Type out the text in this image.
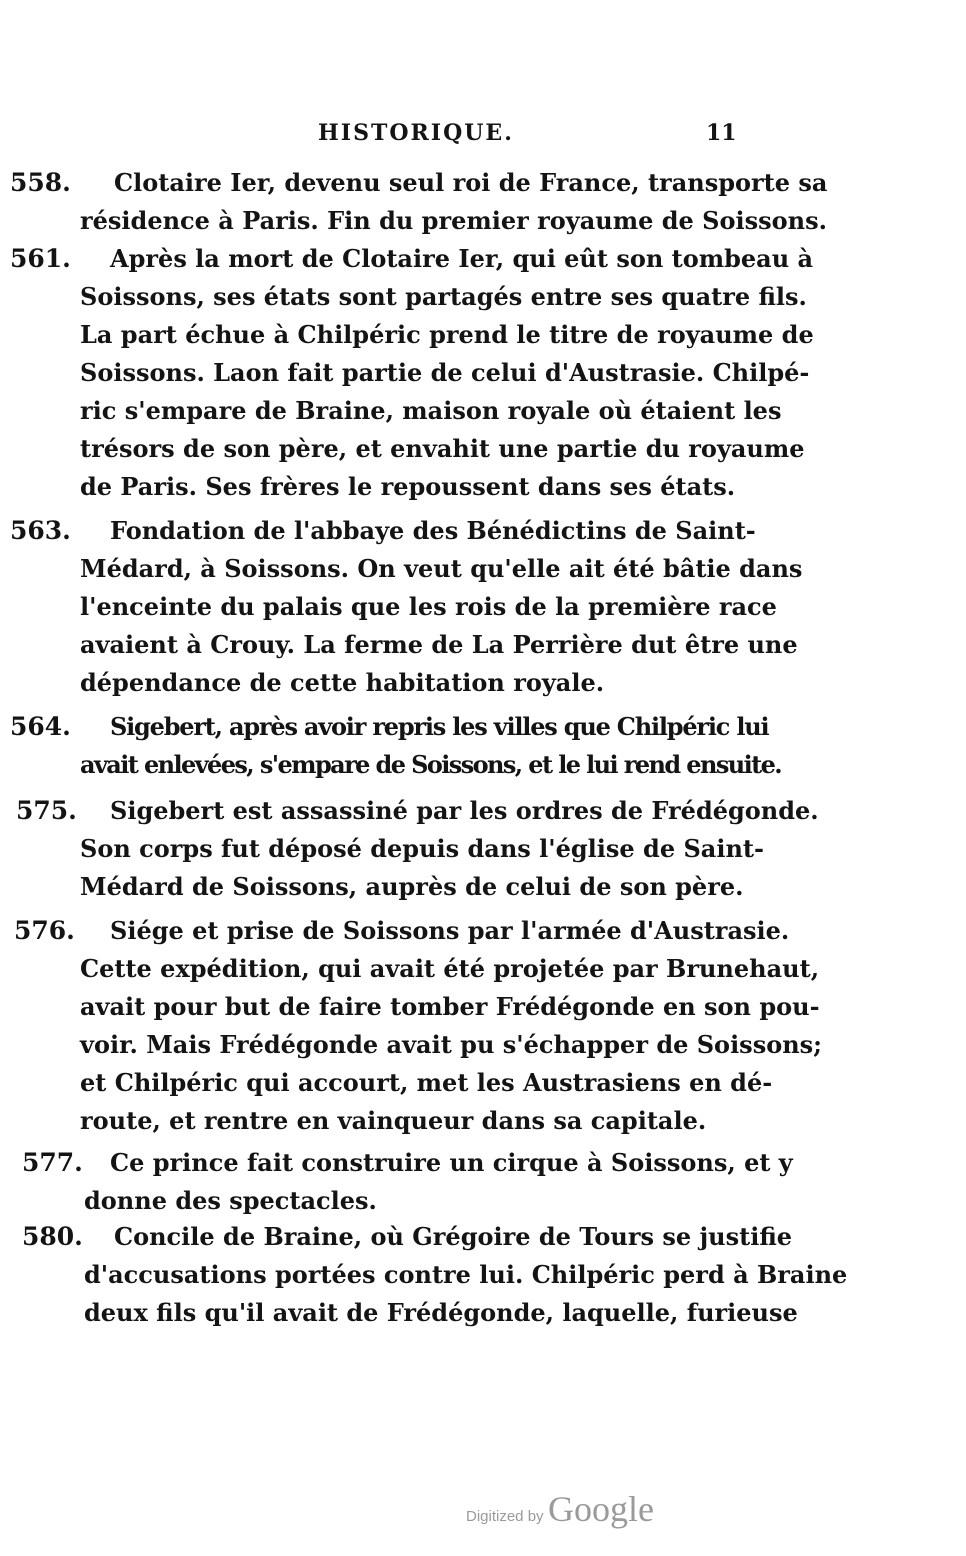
HISTORIQUE.	11
558. Clotaire Ier, devenu seul roi de France, transporte sa
résidence à Paris. Fin du premier royaume de Soissons.
561. Après la mort de Clotaire Ier, qui eût son tombeau à
Soissons, ses états sont partagés entre ses quatre fils.
La part échue à Chilpéric prend le titre de royaume de
Soissons. Laon fait partie de celui d'Austrasie. Chilpé-
ric s'empare de Braine, maison royale où étaient les
trésors de son père, et envahit une partie du royaume
de Paris. Ses frères le repoussent dans ses états.
563. Fondation de l'abbaye des Bénédictins de Saint-
Médard, à Soissons. On veut qu'elle ait été bâtie dans
l'enceinte du palais que les rois de la première race
avaient à Crouy. La ferme de La Perrière dut être une
dépendance de cette habitation royale.
564. Sigebert, après avoir repris les villes que Chilpéric lui
avait enlevées, s'empare de Soissons, et le lui rend ensuite.
575. Sigebert est assassiné par les ordres de Frédégonde.
Son corps fut déposé depuis dans l'église de Saint-
Médard de Soissons, auprès de celui de son père.
576. Siége et prise de Soissons par l'armée d'Austrasie.
Cette expédition, qui avait été projetée par Brunehaut,
avait pour but de faire tomber Frédégonde en son pou-
voir. Mais Frédégonde avait pu s'échapper de Soissons;
et Chilpéric qui accourt, met les Austrasiens en dé-
route, et rentre en vainqueur dans sa capitale.
577. Ce prince fait construire un cirque à Soissons, et y
donne des spectacles.
580. Concile de Braine, où Grégoire de Tours se justifie
d'accusations portées contre lui. Chilpéric perd à Braine
deux fils qu'il avait de Frédégonde, laquelle, furieuse
Digitized by Google
